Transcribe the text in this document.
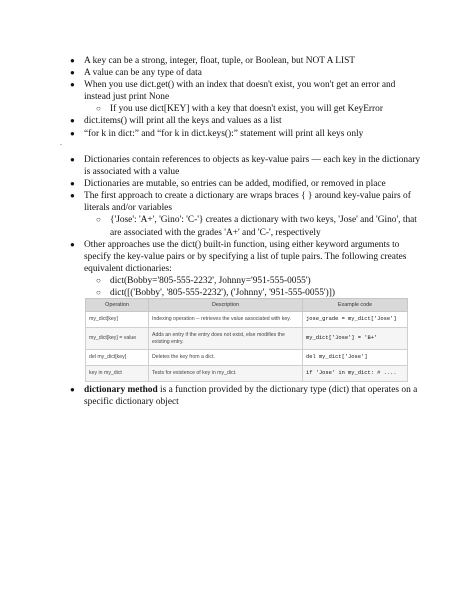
● A key can be a strong, integer, float, tuple, or Boolean, but NOT A LIST
● A value can be any type of data
● When you use dict.get() with an index that doesn't exist, you won't get an error and instead just print None
○ If you use dict[KEY] with a key that doesn't exist, you will get KeyError
● dict.items() will print all the keys and values as a list
● “for k in dict:” and “for k in dict.keys():” statement will print all keys only
-
● Dictionaries contain references to objects as key-value pairs — each key in the dictionary is associated with a value
● Dictionaries are mutable, so entries can be added, modified, or removed in place
● The first approach to create a dictionary are wraps braces { } around key-value pairs of literals and/or variables
○ {'Jose': 'A+', 'Gino': 'C-'} creates a dictionary with two keys, 'Jose' and 'Gino', that are associated with the grades 'A+' and 'C-', respectively
● Other approaches use the dict() built-in function, using either keyword arguments to specify the key-value pairs or by specifying a list of tuple pairs. The following creates equivalent dictionaries:
○ dict(Bobby='805-555-2232', Johnny='951-555-0055')
○ dict([('Bobby', '805-555-2232'), ('Johnny', '951-555-0055')])
Operation	Description	Example code
my_dict[key]	Indexing operation -- retrieves the value associated with key.	jose_grade = my_dict['Jose']
my_dict[key] = value	Adds an entry if the entry does not exist, else modifies the existing entry.	my_dict['Jose'] = 'B+'
del my_dict[key]	Deletes the key from a dict.	del my_dict['Jose']
key in my_dict	Tests for existence of key in my_dict.	if 'Jose' in my_dict: # ....
● dictionary method is a function provided by the dictionary type (dict) that operates on a specific dictionary object
